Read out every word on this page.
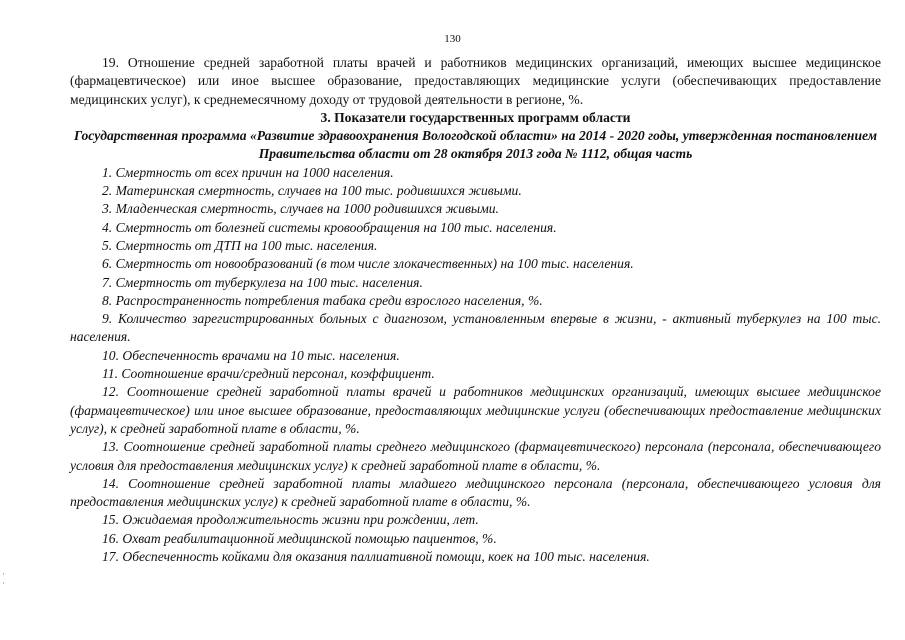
130

19. Отношение средней заработной платы врачей и работников медицинских организаций, имеющих высшее медицинское (фармацевтическое) или иное высшее образование, предоставляющих медицинские услуги (обеспечивающих предоставление медицинских услуг), к среднемесячному доходу от трудовой деятельности в регионе, %.

3. Показатели государственных программ области

Государственная программа «Развитие здравоохранения Вологодской области» на 2014 - 2020 годы, утвержденная постановлением Правительства области от 28 октября 2013 года № 1112, общая часть

1. Смертность от всех причин на 1000 населения.
2. Материнская смертность, случаев на 100 тыс. родившихся живыми.
3. Младенческая смертность, случаев на 1000 родившихся живыми.
4. Смертность от болезней системы кровообращения на 100 тыс. населения.
5. Смертность от ДТП на 100 тыс. населения.
6. Смертность от новообразований (в том числе злокачественных) на 100 тыс. населения.
7. Смертность от туберкулеза на 100 тыс. населения.
8. Распространенность потребления табака среди взрослого населения, %.
9. Количество зарегистрированных больных с диагнозом, установленным впервые в жизни, - активный туберкулез на 100 тыс. населения.
10. Обеспеченность врачами на 10 тыс. населения.
11. Соотношение врачи/средний персонал, коэффициент.
12. Соотношение средней заработной платы врачей и работников медицинских организаций, имеющих высшее медицинское (фармацевтическое) или иное высшее образование, предоставляющих медицинские услуги (обеспечивающих предоставление медицинских услуг), к средней заработной плате в области, %.
13. Соотношение средней заработной платы среднего медицинского (фармацевтического) персонала (персонала, обеспечивающего условия для предоставления медицинских услуг) к средней заработной плате в области, %.
14. Соотношение средней заработной платы младшего медицинского персонала (персонала, обеспечивающего условия для предоставления медицинских услуг) к средней заработной плате в области, %.
15. Ожидаемая продолжительность жизни при рождении, лет.
16. Охват реабилитационной медицинской помощью пациентов, %.
17. Обеспеченность койками для оказания паллиативной помощи, коек на 100 тыс. населения.
·
·
